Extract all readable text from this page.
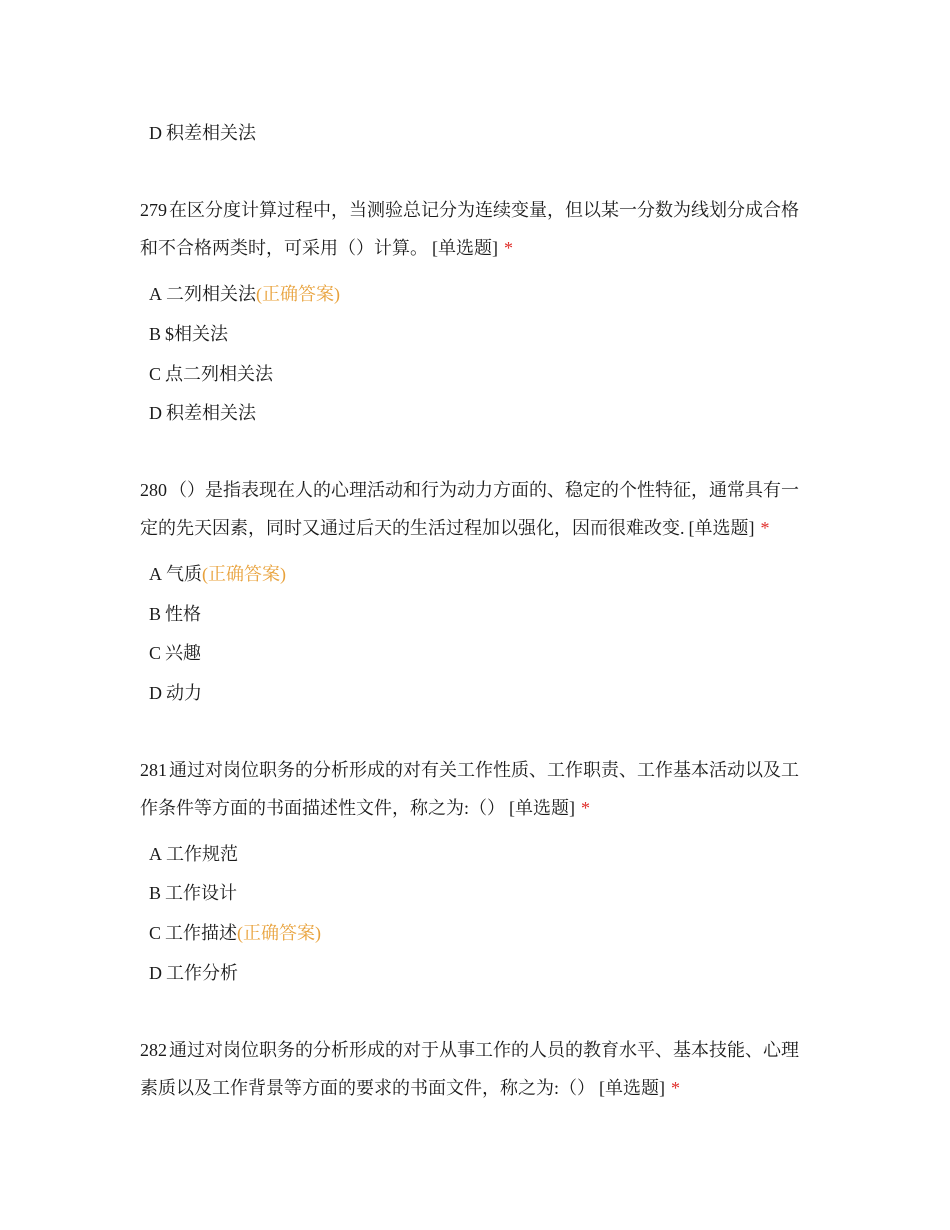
D 积差相关法
279 在区分度计算过程中，当测验总记分为连续变量，但以某一分数为线划分成合格和不合格两类时，可采用（）计算。 [单选题] *
A 二列相关法(正确答案)
B $相关法
C 点二列相关法
D 积差相关法
280 （）是指表现在人的心理活动和行为动力方面的、稳定的个性特征，通常具有一定的先天因素，同时又通过后天的生活过程加以强化，因而很难改变. [单选题] *
A 气质(正确答案)
B 性格
C 兴趣
D 动力
281 通过对岗位职务的分析形成的对有关工作性质、工作职责、工作基本活动以及工作条件等方面的书面描述性文件，称之为:（） [单选题] *
A 工作规范
B 工作设计
C 工作描述(正确答案)
D 工作分析
282 通过对岗位职务的分析形成的对于从事工作的人员的教育水平、基本技能、心理素质以及工作背景等方面的要求的书面文件，称之为:（） [单选题] *
